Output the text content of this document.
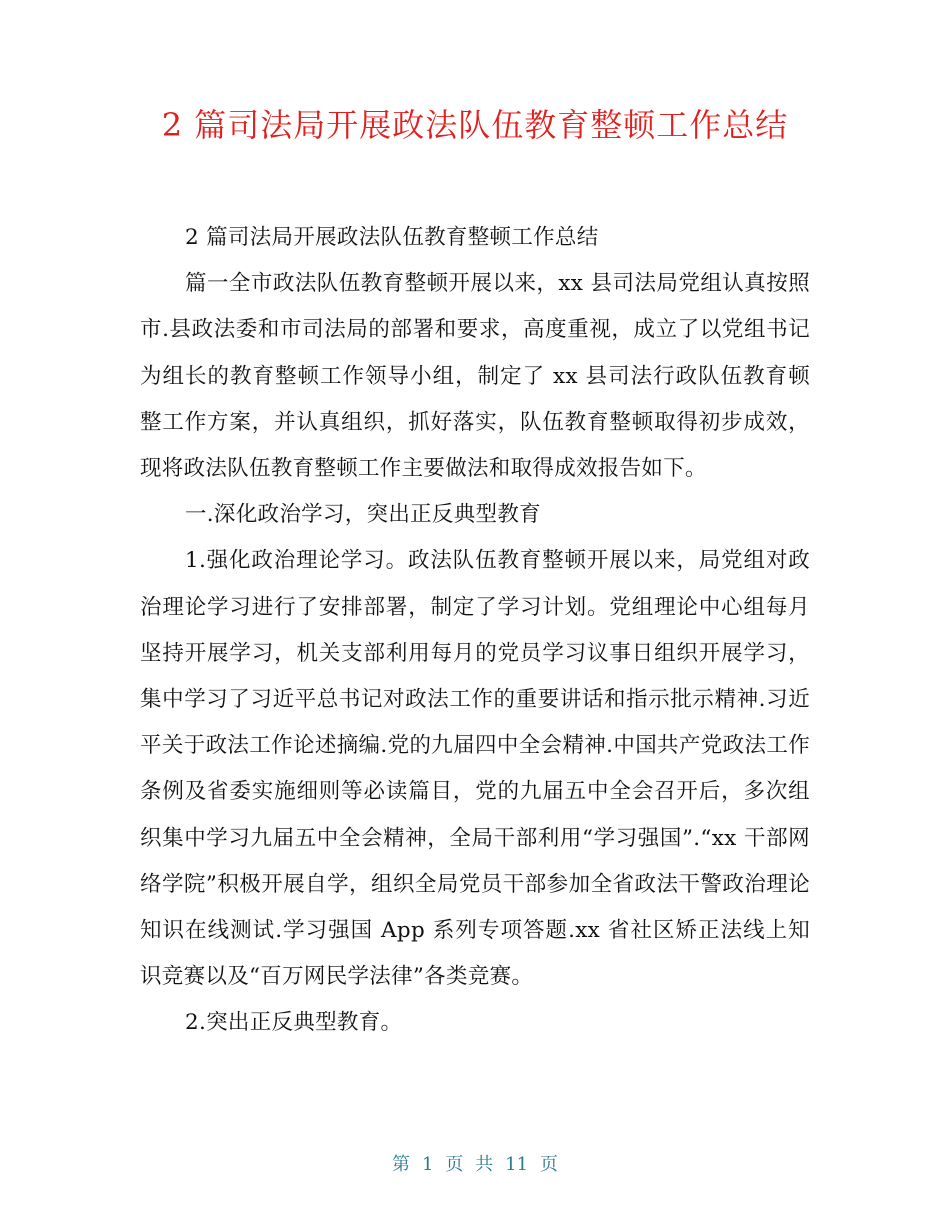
2 篇司法局开展政法队伍教育整顿工作总结

2 篇司法局开展政法队伍教育整顿工作总结

篇一全市政法队伍教育整顿开展以来，xx 县司法局党组认真按照市.县政法委和市司法局的部署和要求，高度重视，成立了以党组书记为组长的教育整顿工作领导小组，制定了 xx 县司法行政队伍教育顿整工作方案，并认真组织，抓好落实，队伍教育整顿取得初步成效，现将政法队伍教育整顿工作主要做法和取得成效报告如下。

一.深化政治学习，突出正反典型教育

1.强化政治理论学习。政法队伍教育整顿开展以来，局党组对政治理论学习进行了安排部署，制定了学习计划。党组理论中心组每月坚持开展学习，机关支部利用每月的党员学习议事日组织开展学习，集中学习了习近平总书记对政法工作的重要讲话和指示批示精神.习近平关于政法工作论述摘编.党的九届四中全会精神.中国共产党政法工作条例及省委实施细则等必读篇目，党的九届五中全会召开后，多次组织集中学习九届五中全会精神，全局干部利用“学习强国”.“xx 干部网络学院”积极开展自学，组织全局党员干部参加全省政法干警政治理论知识在线测试.学习强国 App 系列专项答题.xx 省社区矫正法线上知识竞赛以及“百万网民学法律”各类竞赛。

2.突出正反典型教育。

第 1 页 共 11 页
